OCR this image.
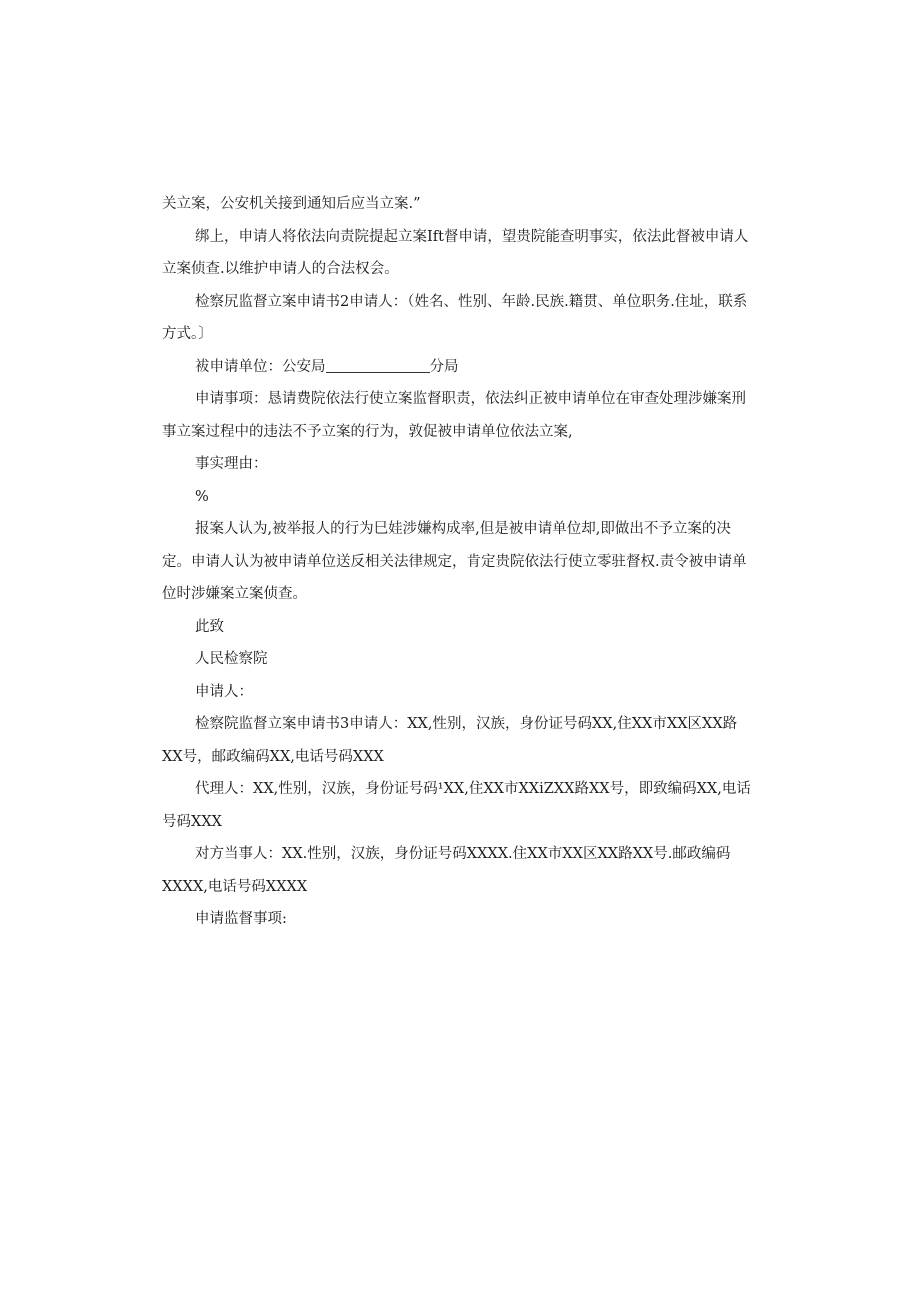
关立案，公安机关接到通知后应当立案.”

绑上，申请人将依法向责院提起立案Ift督申请，望贵院能查明事实，依法此督被申请人立案侦查.以维护申请人的合法权会。

检察尻监督立案申请书2申请人：（姓名、性别、年龄.民族.籍贯、单位职务.住址，联系方式。〕

袚申请单位：公安局	分局

申请事项：恳请费院依法行使立案监督职责，依法纠正被申请单位在审查处理涉嫌案刑事立案过程中的违法不予立案的行为，敦促被申请单位依法立案,

事实理由：

%

报案人认为,被举报人的行为巳娃涉嫌构成率,但是被申请单位却,即做出不予立案的决定。申请人认为被申请单位送反相关法律规定，肯定贵院依法行使立零驻督权.责令被申请单位时涉嫌案立案侦查。

此致

人民检察院

申请人：

检察院监督立案申请书3申请人：XX,性别，汉族，身份证号码XX,住XX市XX区XX路XX号，邮政编码XX,电话号码XXX

代理人：XX,性别，汉族，身份证号码¹XX,住XX市XXiZXX路XX号，即致编码XX,电话号码XXX

对方当事人：XX.性别，汉族，身份证号码XXXX.住XX市XX区XX路XX号.邮政编码XXXX,电话号码XXXX

申请监督事项:
